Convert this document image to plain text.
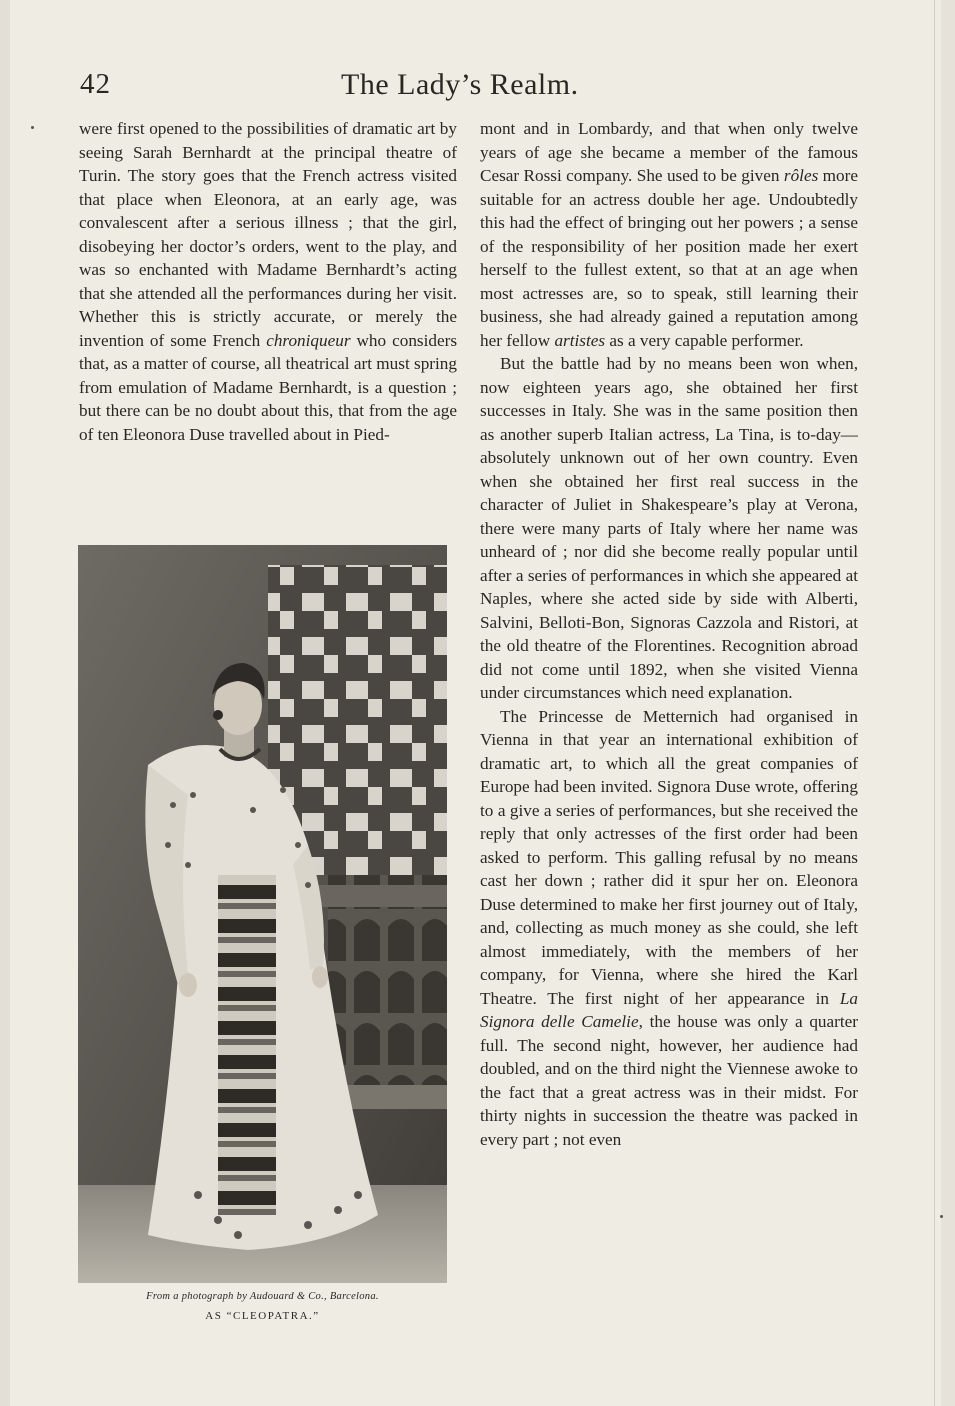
42	The Lady’s Realm.

were first opened to the possibilities of dramatic art by seeing Sarah Bernhardt at the principal theatre of Turin. The story goes that the French actress visited that place when Eleonora, at an early age, was convalescent after a serious illness ; that the girl, disobeying her doctor’s orders, went to the play, and was so enchanted with Madame Bernhardt’s acting that she attended all the performances during her visit. Whether this is strictly accurate, or merely the invention of some French chroniqueur who considers that, as a matter of course, all theatrical art must spring from emulation of Madame Bernhardt, is a question ; but there can be no doubt about this, that from the age of ten Eleonora Duse travelled about in Pied-

From a photograph by Audouard & Co., Barcelona.
AS “CLEOPATRA.”

mont and in Lombardy, and that when only twelve years of age she became a member of the famous Cesar Rossi company. She used to be given rôles more suitable for an actress double her age. Undoubtedly this had the effect of bringing out her powers ; a sense of the responsibility of her position made her exert herself to the fullest extent, so that at an age when most actresses are, so to speak, still learning their business, she had already gained a reputation among her fellow artistes as a very capable performer.

But the battle had by no means been won when, now eighteen years ago, she obtained her first successes in Italy. She was in the same position then as another superb Italian actress, La Tina, is to-day—absolutely unknown out of her own country. Even when she obtained her first real success in the character of Juliet in Shakespeare’s play at Verona, there were many parts of Italy where her name was unheard of ; nor did she become really popular until after a series of performances in which she appeared at Naples, where she acted side by side with Alberti, Salvini, Belloti-Bon, Signoras Cazzola and Ristori, at the old theatre of the Florentines. Recognition abroad did not come until 1892, when she visited Vienna under circumstances which need explanation.

The Princesse de Metternich had organised in Vienna in that year an international exhibition of dramatic art, to which all the great companies of Europe had been invited. Signora Duse wrote, offering to a give a series of performances, but she received the reply that only actresses of the first order had been asked to perform. This galling refusal by no means cast her down ; rather did it spur her on. Eleonora Duse determined to make her first journey out of Italy, and, collecting as much money as she could, she left almost immediately, with the members of her company, for Vienna, where she hired the Karl Theatre. The first night of her appearance in La Signora delle Camelie, the house was only a quarter full. The second night, however, her audience had doubled, and on the third night the Viennese awoke to the fact that a great actress was in their midst. For thirty nights in succession the theatre was packed in every part ; not even
